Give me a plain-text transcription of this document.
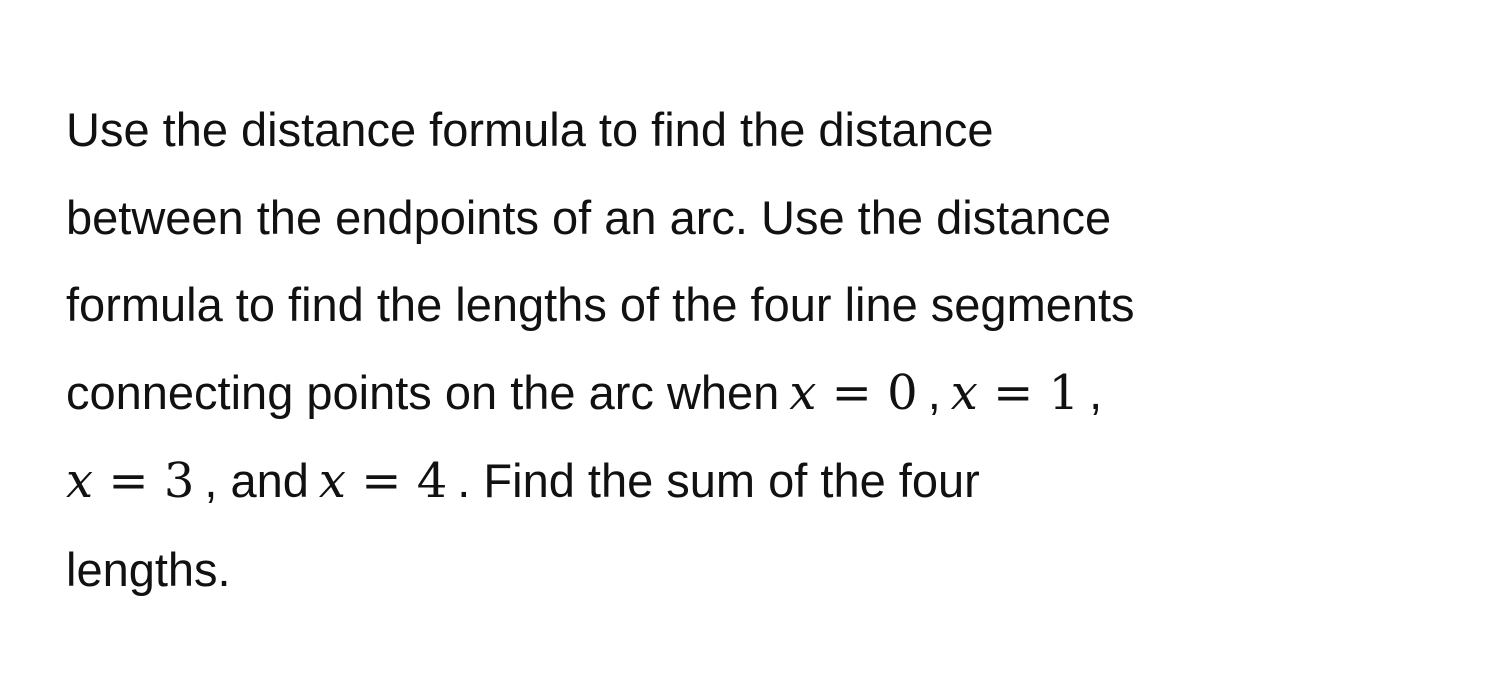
Use the distance formula to find the distance
between the endpoints of an arc. Use the distance
formula to find the lengths of the four line segments
connecting points on the arc when x = 0 , x = 1 ,
x = 3 , and x = 4 . Find the sum of the four
lengths.
